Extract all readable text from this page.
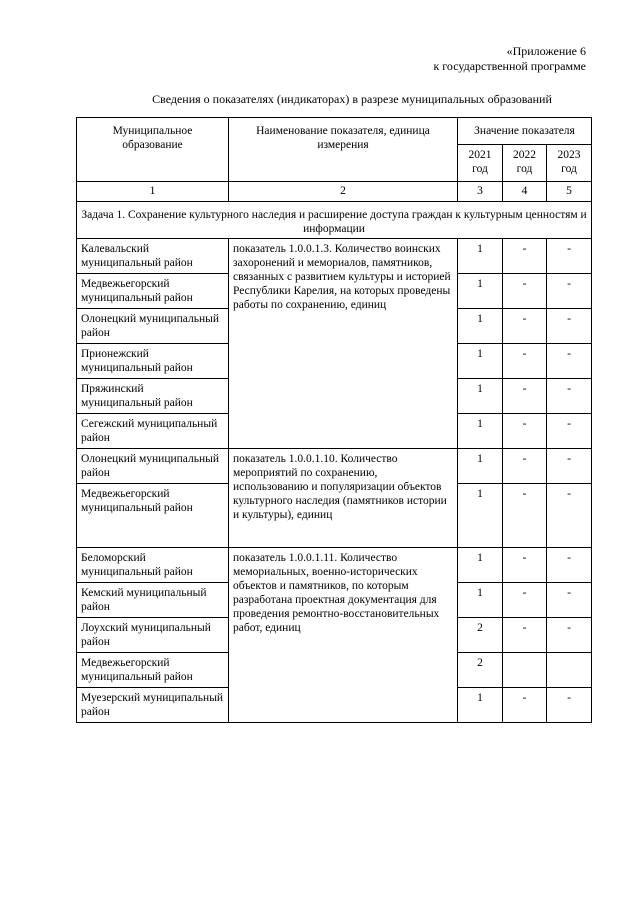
«Приложение 6
к государственной программе
Сведения о показателях (индикаторах) в разрезе муниципальных образований
Муниципальное образование	Наименование показателя, единица измерения	Значение показателя		
		2021 год	2022 год	2023 год
1	2	3	4	5
Задача 1. Сохранение культурного наследия и расширение доступа граждан к культурным ценностям и информации				
Калевальский муниципальный район	показатель 1.0.0.1.3. Количество воинских захоронений и мемориалов, памятников, связанных с развитием культуры и историей Республики Карелия, на которых проведены работы по сохранению, единиц	1	-	-
Медвежьегорский муниципальный район		1	-	-
Олонецкий муниципальный район		1	-	-
Прионежский муниципальный район		1	-	-
Пряжинский муниципальный район		1	-	-
Сегежский муниципальный район		1	-	-
Олонецкий муниципальный район	показатель 1.0.0.1.10. Количество мероприятий по сохранению, использованию и популяризации объектов культурного наследия (памятников истории и культуры), единиц	1	-	-
Медвежьегорский муниципальный район		1	-	-
Беломорский муниципальный район	показатель 1.0.0.1.11. Количество мемориальных, военно-исторических объектов и памятников, по которым разработана проектная документация для проведения ремонтно-восстановительных работ, единиц	1	-	-
Кемский муниципальный район		1	-	-
Лоухский муниципальный район		2	-	-
Медвежьегорский муниципальный район		2		
Муезерский муниципальный район		1	-	-
